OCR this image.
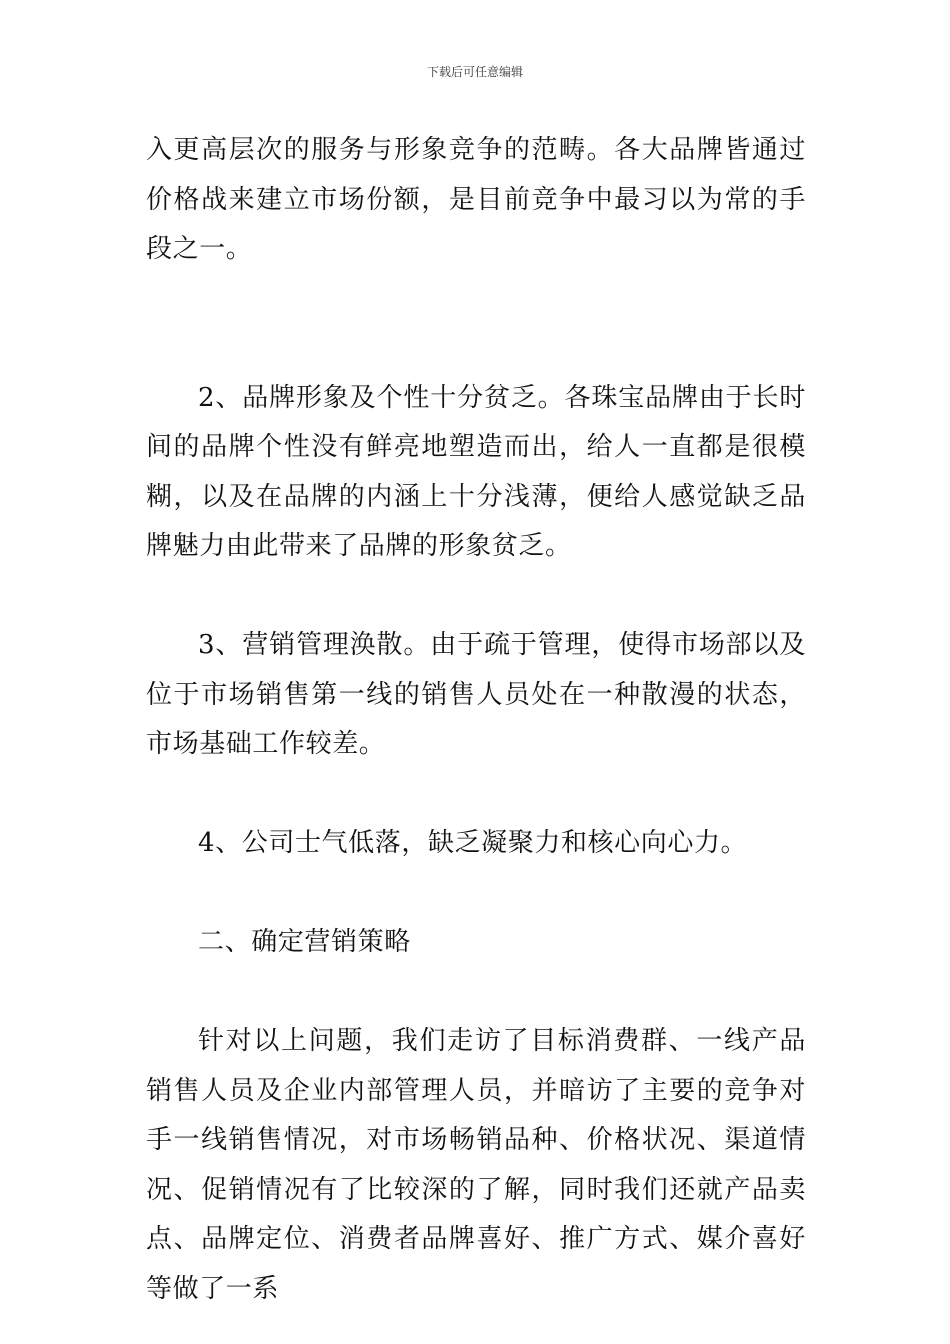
下载后可任意编辑

入更高层次的服务与形象竞争的范畴。各大品牌皆通过价格战来建立市场份额，是目前竞争中最习以为常的手段之一。

2、品牌形象及个性十分贫乏。各珠宝品牌由于长时间的品牌个性没有鲜亮地塑造而出，给人一直都是很模糊，以及在品牌的内涵上十分浅薄，便给人感觉缺乏品牌魅力由此带来了品牌的形象贫乏。

3、营销管理涣散。由于疏于管理，使得市场部以及位于市场销售第一线的销售人员处在一种散漫的状态，市场基础工作较差。

4、公司士气低落，缺乏凝聚力和核心向心力。

二、确定营销策略

针对以上问题，我们走访了目标消费群、一线产品销售人员及企业内部管理人员，并暗访了主要的竞争对手一线销售情况，对市场畅销品种、价格状况、渠道情况、促销情况有了比较深的了解，同时我们还就产品卖点、品牌定位、消费者品牌喜好、推广方式、媒介喜好等做了一系
